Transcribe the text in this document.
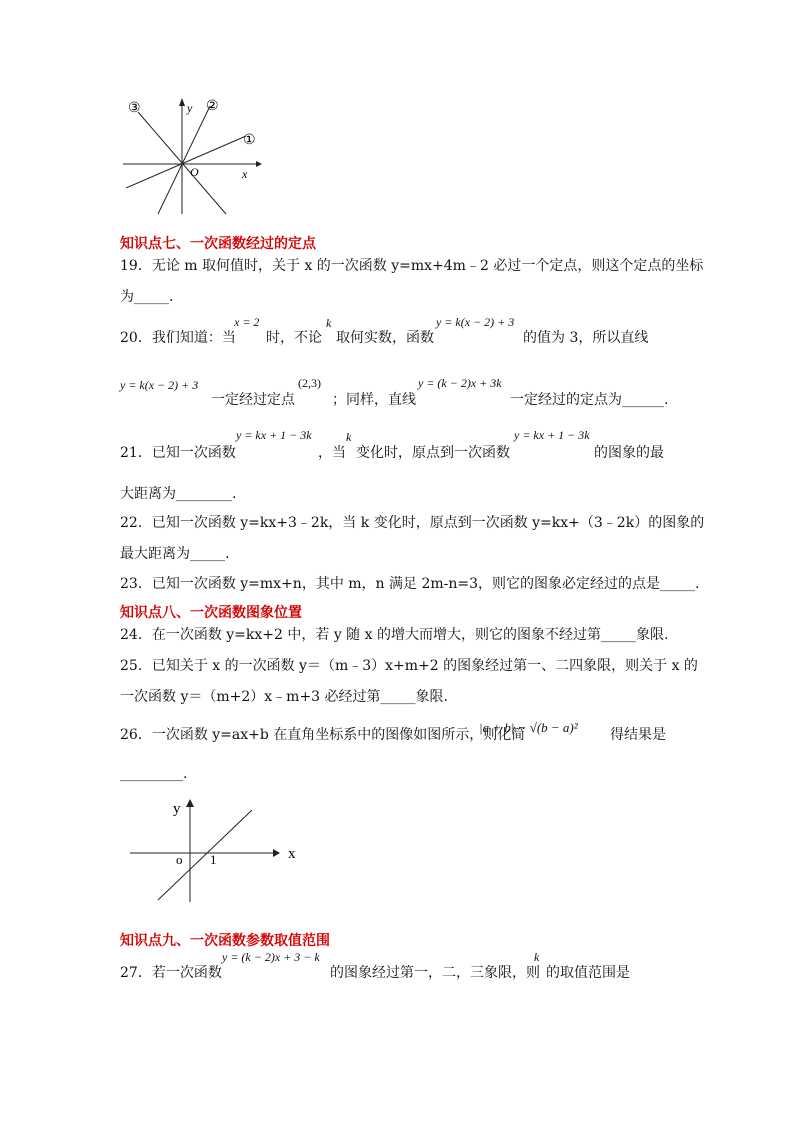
y
x
O
①
②
③
知识点七、一次函数经过的定点
19．无论 m 取何值时，关于 x 的一次函数 y=mx+4m﹣2 必过一个定点，则这个定点的坐标
为_____.
20．我们知道：当
x = 2
时，不论
k
取何实数，函数
y = k(x − 2) + 3
的值为 3，所以直线
y = k(x − 2) + 3
一定经过定点
(2,3)
；同样，直线
y = (k − 2)x + 3k
一定经过的定点为______.
21．已知一次函数
y = kx + 1 − 3k
，当
k
变化时，原点到一次函数
y = kx + 1 − 3k
的图象的最
大距离为________.
22．已知一次函数 y=kx+3﹣2k，当 k 变化时，原点到一次函数 y=kx+（3﹣2k）的图象的
最大距离为_____.
23．已知一次函数 y=mx+n，其中 m，n 满足 2m-n=3，则它的图象必定经过的点是_____.
知识点八、一次函数图象位置
24．在一次函数 y=kx+2 中，若 y 随 x 的增大而增大，则它的图象不经过第_____象限.
25．已知关于 x 的一次函数 y＝（m﹣3）x+m+2 的图象经过第一、二四象限，则关于 x 的
一次函数 y＝（m+2）x﹣m+3 必经过第_____象限.
26．一次函数 y=ax+b 在直角坐标系中的图像如图所示，则化简
|a + b| − √(b − a)² 得结果是
_________.
y
x
o 1
知识点九、一次函数参数取值范围
27．若一次函数
y = (k − 2)x + 3 − k
的图象经过第一，二，三象限，则
k
的取值范围是
